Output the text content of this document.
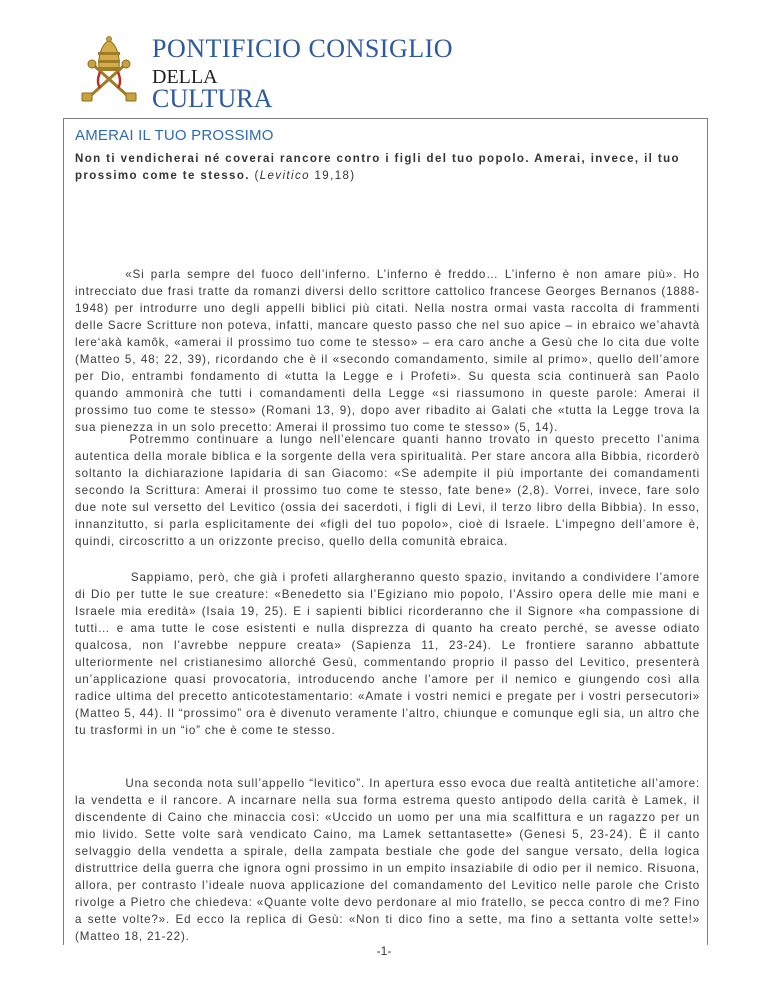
PONTIFICIO CONSIGLIO
DELLA
CULTURA
AMERAI IL TUO PROSSIMO
Non ti vendicherai né coverai rancore contro i figli del tuo popolo. Amerai, invece, il tuo prossimo come te stesso. (Levitico 19,18)

«Si parla sempre del fuoco dell’inferno. L’inferno è freddo… L’inferno è non amare più». Ho intrecciato due frasi tratte da romanzi diversi dello scrittore cattolico francese Georges Bernanos (1888-1948) per introdurre uno degli appelli biblici più citati. Nella nostra ormai vasta raccolta di frammenti delle Sacre Scritture non poteva, infatti, mancare questo passo che nel suo apice – in ebraico we’ahavtà lere‘akà kamôk, «amerai il prossimo tuo come te stesso» – era caro anche a Gesù che lo cita due volte (Matteo 5, 48; 22, 39), ricordando che è il «secondo comandamento, simile al primo», quello dell’amore per Dio, entrambi fondamento di «tutta la Legge e i Profeti». Su questa scia continuerà san Paolo quando ammonirà che tutti i comandamenti della Legge «si riassumono in queste parole: Amerai il prossimo tuo come te stesso» (Romani 13, 9), dopo aver ribadito ai Galati che «tutta la Legge trova la sua pienezza in un solo precetto: Amerai il prossimo tuo come te stesso» (5, 14).

Potremmo continuare a lungo nell’elencare quanti hanno trovato in questo precetto l’anima autentica della morale biblica e la sorgente della vera spiritualità. Per stare ancora alla Bibbia, ricorderò soltanto la dichiarazione lapidaria di san Giacomo: «Se adempite il più importante dei comandamenti secondo la Scrittura: Amerai il prossimo tuo come te stesso, fate bene» (2,8). Vorrei, invece, fare solo due note sul versetto del Levitico (ossia dei sacerdoti, i figli di Levi, il terzo libro della Bibbia). In esso, innanzitutto, si parla esplicitamente dei «figli del tuo popolo», cioè di Israele. L’impegno dell’amore è, quindi, circoscritto a un orizzonte preciso, quello della comunità ebraica.

Sappiamo, però, che già i profeti allargheranno questo spazio, invitando a condividere l’amore di Dio per tutte le sue creature: «Benedetto sia l’Egiziano mio popolo, l’Assiro opera delle mie mani e Israele mia eredità» (Isaia 19, 25). E i sapienti biblici ricorderanno che il Signore «ha compassione di tutti… e ama tutte le cose esistenti e nulla disprezza di quanto ha creato perché, se avesse odiato qualcosa, non l’avrebbe neppure creata» (Sapienza 11, 23-24). Le frontiere saranno abbattute ulteriormente nel cristianesimo allorché Gesù, commentando proprio il passo del Levitico, presenterà un’applicazione quasi provocatoria, introducendo anche l’amore per il nemico e giungendo così alla radice ultima del precetto anticotestamentario: «Amate i vostri nemici e pregate per i vostri persecutori» (Matteo 5, 44). Il “prossimo” ora è divenuto veramente l’altro, chiunque e comunque egli sia, un altro che tu trasformi in un “io” che è come te stesso.

Una seconda nota sull’appello “levitico”. In apertura esso evoca due realtà antitetiche all’amore: la vendetta e il rancore. A incarnare nella sua forma estrema questo antipodo della carità è Lamek, il discendente di Caino che minaccia così: «Uccido un uomo per una mia scalfittura e un ragazzo per un mio livido. Sette volte sarà vendicato Caino, ma Lamek settantasette» (Genesi 5, 23-24). È il canto selvaggio della vendetta a spirale, della zampata bestiale che gode del sangue versato, della logica distruttrice della guerra che ignora ogni prossimo in un empito insaziabile di odio per il nemico. Risuona, allora, per contrasto l’ideale nuova applicazione del comandamento del Levitico nelle parole che Cristo rivolge a Pietro che chiedeva: «Quante volte devo perdonare al mio fratello, se pecca contro di me? Fino a sette volte?». Ed ecco la replica di Gesù: «Non ti dico fino a sette, ma fino a settanta volte sette!» (Matteo 18, 21-22).

-1-
